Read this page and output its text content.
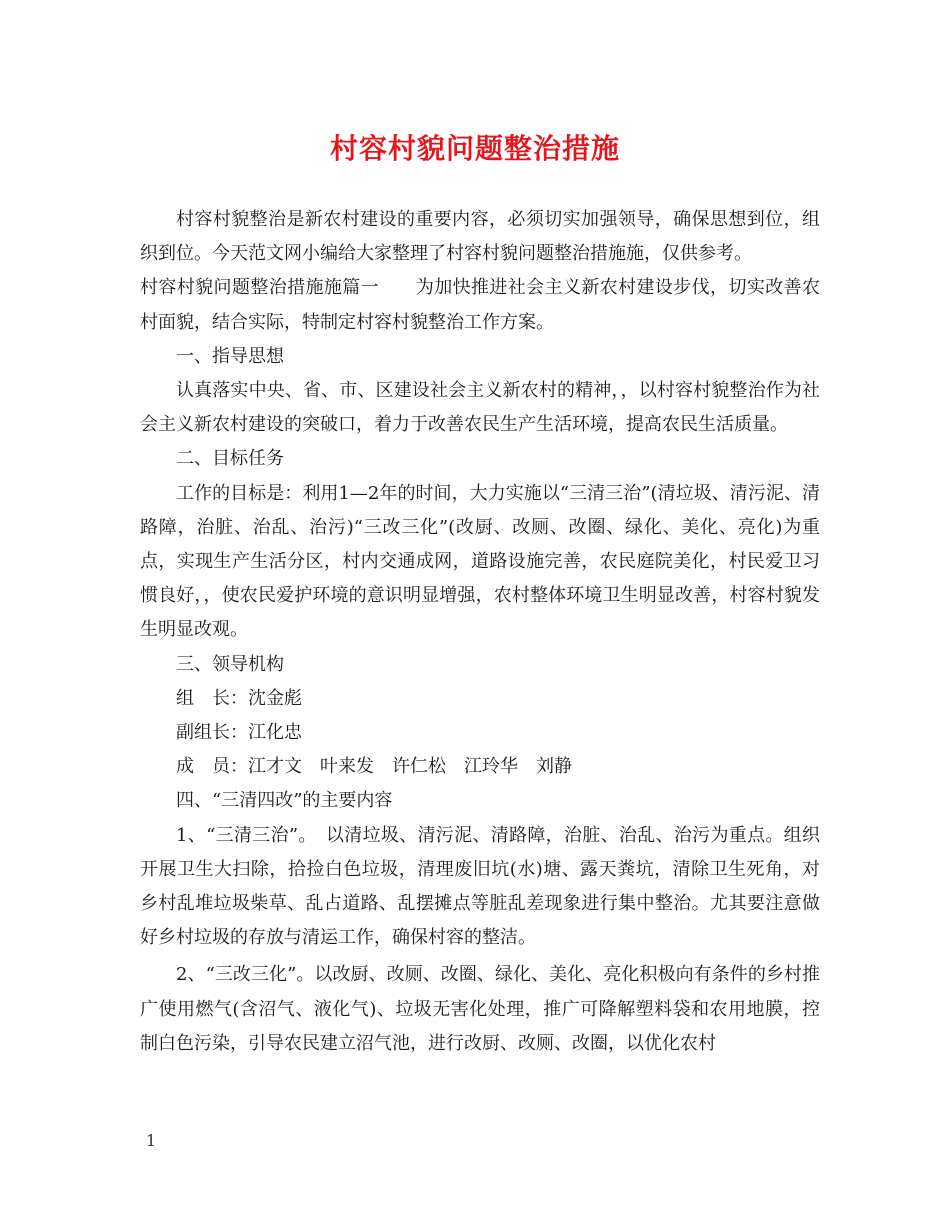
村容村貌问题整治措施

村容村貌整治是新农村建设的重要内容，必须切实加强领导，确保思想到位，组织到位。今天范文网小编给大家整理了村容村貌问题整治措施施，仅供参考。

村容村貌问题整治措施施篇一　　为加快推进社会主义新农村建设步伐，切实改善农村面貌，结合实际，特制定村容村貌整治工作方案。

一、指导思想

认真落实中央、省、市、区建设社会主义新农村的精神，，以村容村貌整治作为社会主义新农村建设的突破口，着力于改善农民生产生活环境，提高农民生活质量。

二、目标任务

工作的目标是：利用1—2年的时间，大力实施以“三清三治”(清垃圾、清污泥、清路障，治脏、治乱、治污)“三改三化”(改厨、改厕、改圈、绿化、美化、亮化)为重点，实现生产生活分区，村内交通成网，道路设施完善，农民庭院美化，村民爱卫习惯良好，，使农民爱护环境的意识明显增强，农村整体环境卫生明显改善，村容村貌发生明显改观。

三、领导机构

组　长：沈金彪

副组长：江化忠

成　员：江才文　叶来发　许仁松　江玲华　刘静

四、“三清四改”的主要内容

1、“三清三治”。　以清垃圾、清污泥、清路障，治脏、治乱、治污为重点。组织开展卫生大扫除，拾捡白色垃圾，清理废旧坑(水)塘、露天粪坑，清除卫生死角，对乡村乱堆垃圾柴草、乱占道路、乱摆摊点等脏乱差现象进行集中整治。尤其要注意做好乡村垃圾的存放与清运工作，确保村容的整洁。

2、“三改三化”。以改厨、改厕、改圈、绿化、美化、亮化积极向有条件的乡村推广使用燃气(含沼气、液化气)、垃圾无害化处理，推广可降解塑料袋和农用地膜，控制白色污染，引导农民建立沼气池，进行改厨、改厕、改圈，以优化农村

1
